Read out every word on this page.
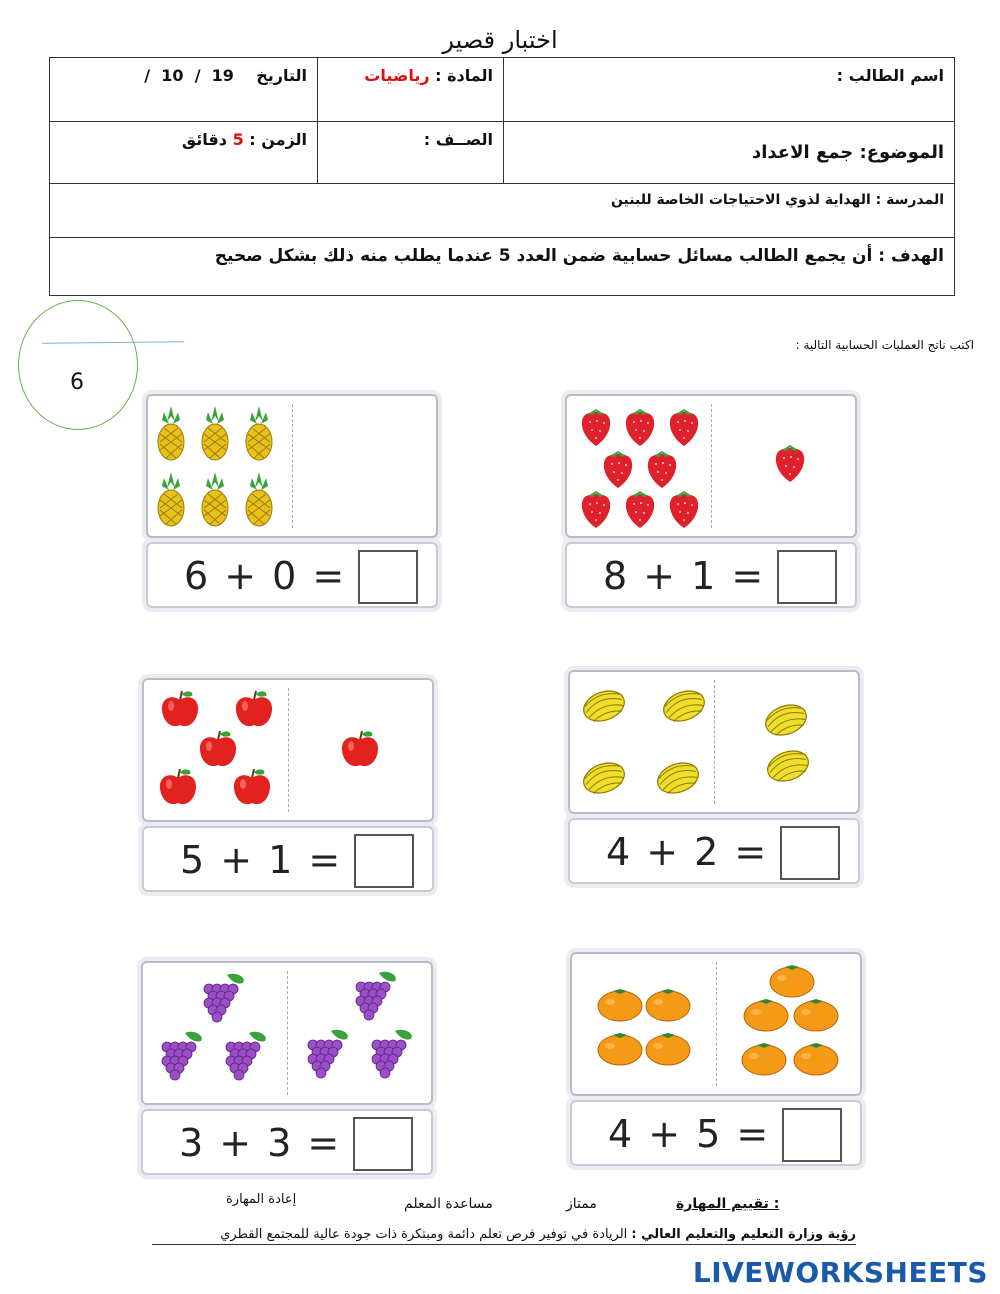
اختبار قصير
اسم الطالب :	المادة : رياضيات	التاريخ    19  /  10  /
الموضوع: جمع الاعداد	الصــف :	الزمن : 5 دقائق
المدرسة : الهداية لذوي الاحتياجات الخاصة للبنين		
الهدف : أن يجمع الطالب مسائل حسابية ضمن العدد 5 عندما يطلب منه ذلك بشكل صحيح		
6
اكتب ناتج العمليات الحسابية التالية :
6 + 0 =	8 + 1 =
5 + 1 =	4 + 2 =
3 + 3 =	4 + 5 =
تقييم المهارة :
ممتاز
مساعدة المعلم
إعادة المهارة
رؤية وزارة التعليم والتعليم العالي : الريادة في توفير فرص تعلم دائمة ومبتكرة ذات جودة عالية للمجتمع القطري
LIVEWORKSHEETS
